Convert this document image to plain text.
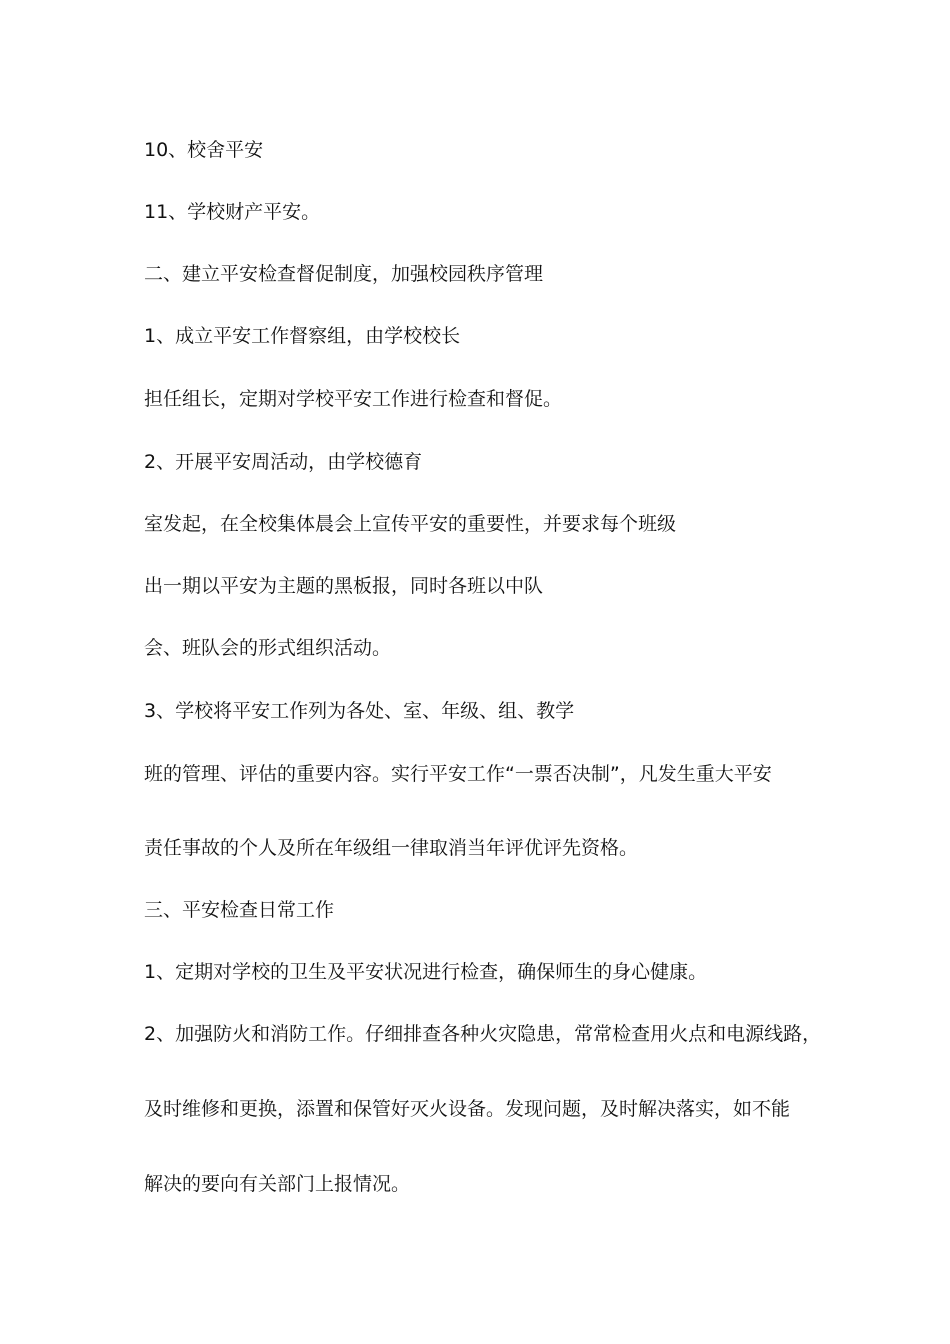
10、校舍平安
11、学校财产平安。
二、建立平安检查督促制度，加强校园秩序管理
1、成立平安工作督察组，由学校校长
担任组长，定期对学校平安工作进行检查和督促。
2、开展平安周活动，由学校德育
室发起，在全校集体晨会上宣传平安的重要性，并要求每个班级
出一期以平安为主题的黑板报，同时各班以中队
会、班队会的形式组织活动。
3、学校将平安工作列为各处、室、年级、组、教学
班的管理、评估的重要内容。实行平安工作“一票否决制”，凡发生重大平安
责任事故的个人及所在年级组一律取消当年评优评先资格。
三、平安检查日常工作
1、定期对学校的卫生及平安状况进行检查，确保师生的身心健康。
2、加强防火和消防工作。仔细排查各种火灾隐患，常常检查用火点和电源线路，
及时维修和更换，添置和保管好灭火设备。发现问题，及时解决落实，如不能
解决的要向有关部门上报情况。
